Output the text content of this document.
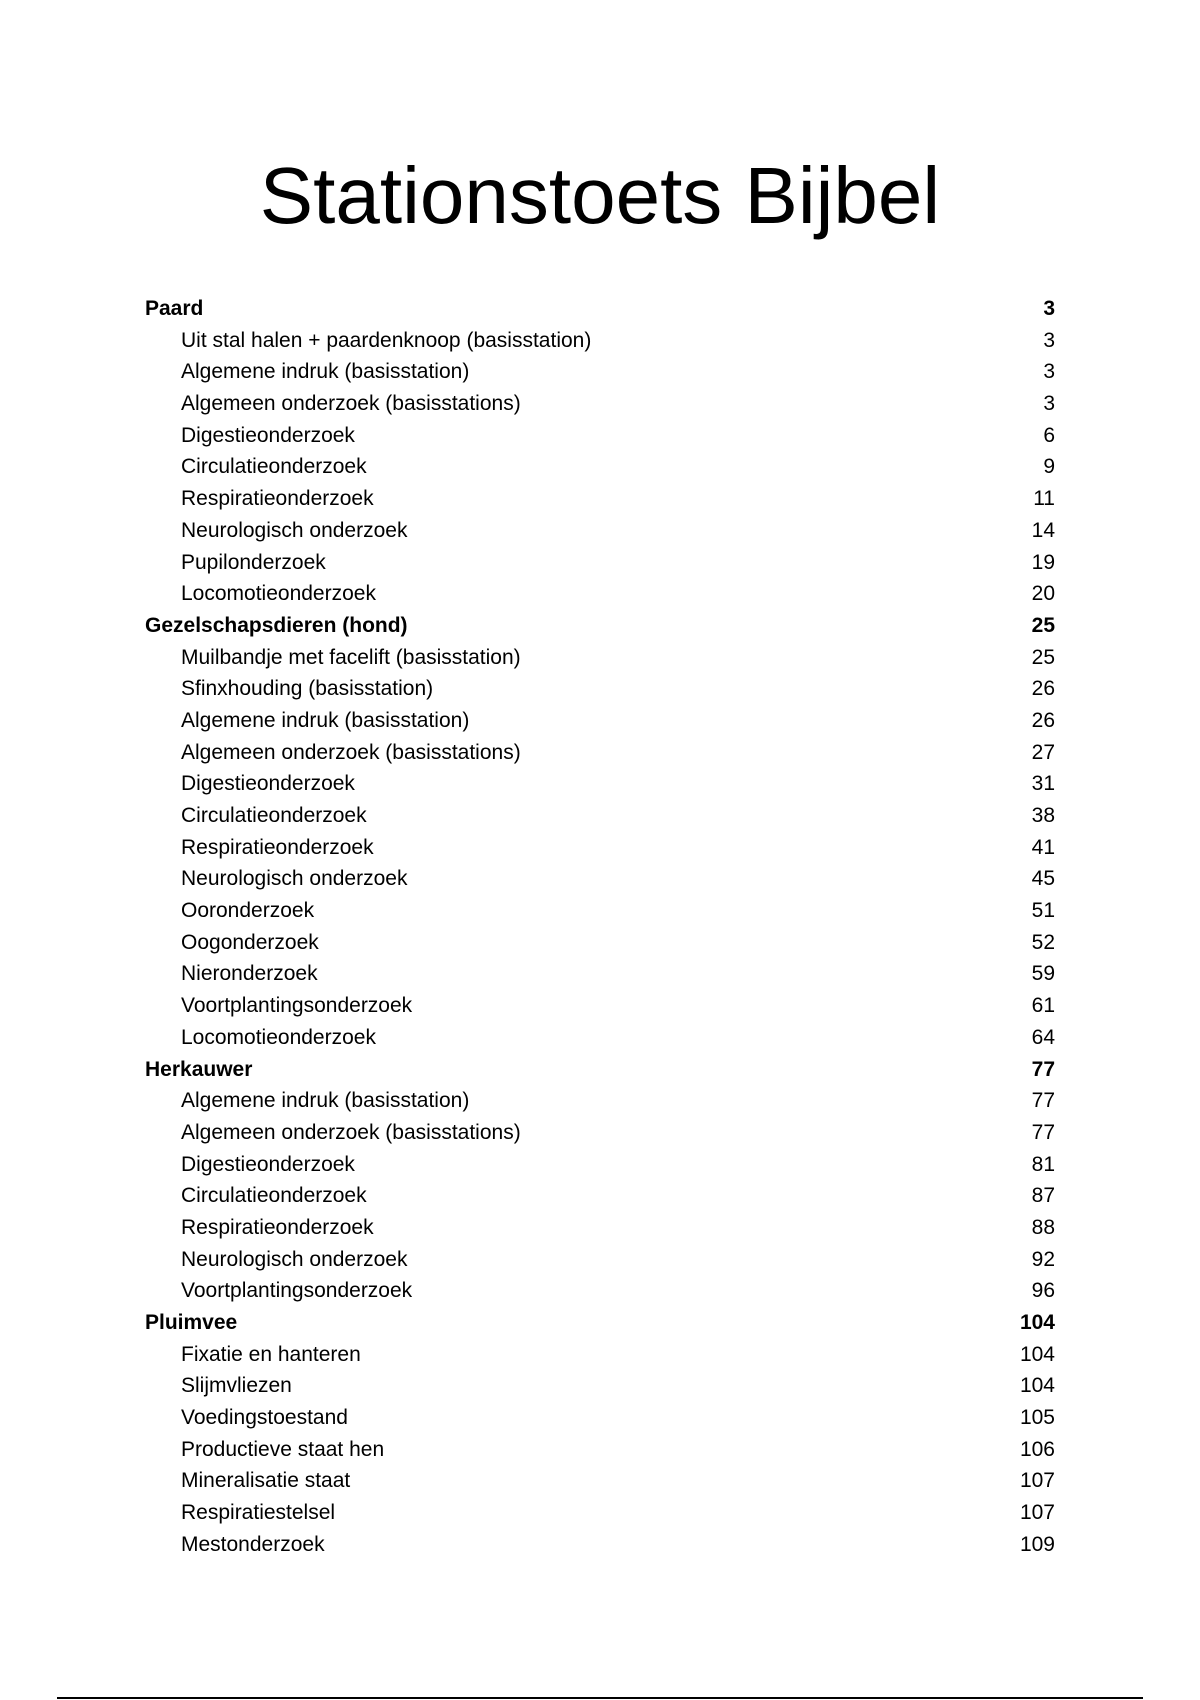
Stationstoets Bijbel
Paard	3
Uit stal halen + paardenknoop (basisstation)	3
Algemene indruk (basisstation)	3
Algemeen onderzoek (basisstations)	3
Digestieonderzoek	6
Circulatieonderzoek	9
Respiratieonderzoek	11
Neurologisch onderzoek	14
Pupilonderzoek	19
Locomotieonderzoek	20
Gezelschapsdieren (hond)	25
Muilbandje met facelift (basisstation)	25
Sfinxhouding (basisstation)	26
Algemene indruk (basisstation)	26
Algemeen onderzoek (basisstations)	27
Digestieonderzoek	31
Circulatieonderzoek	38
Respiratieonderzoek	41
Neurologisch onderzoek	45
Ooronderzoek	51
Oogonderzoek	52
Nieronderzoek	59
Voortplantingsonderzoek	61
Locomotieonderzoek	64
Herkauwer	77
Algemene indruk (basisstation)	77
Algemeen onderzoek (basisstations)	77
Digestieonderzoek	81
Circulatieonderzoek	87
Respiratieonderzoek	88
Neurologisch onderzoek	92
Voortplantingsonderzoek	96
Pluimvee	104
Fixatie en hanteren	104
Slijmvliezen	104
Voedingstoestand	105
Productieve staat hen	106
Mineralisatie staat	107
Respiratiestelsel	107
Mestonderzoek	109
